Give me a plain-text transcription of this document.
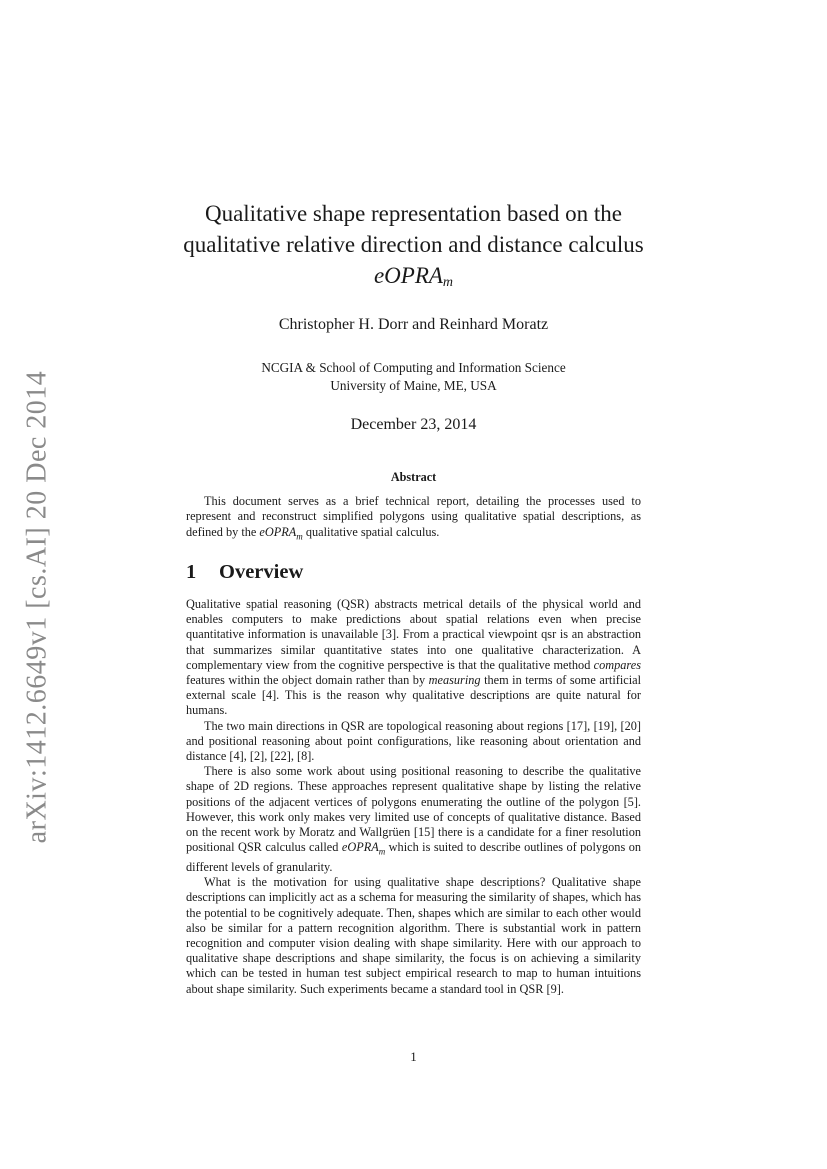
arXiv:1412.6649v1 [cs.AI] 20 Dec 2014
Qualitative shape representation based on the
qualitative relative direction and distance calculus
eOPRA$_m$
Christopher H. Dorr and Reinhard Moratz
NCGIA & School of Computing and Information Science
University of Maine, ME, USA
December 23, 2014
Abstract

This document serves as a brief technical report, detailing the processes used to represent and reconstruct simplified polygons using qualitative spatial descriptions, as defined by the eOPRA$_m$ qualitative spatial calculus.

1 Overview

Qualitative spatial reasoning (QSR) abstracts metrical details of the physical world and enables computers to make predictions about spatial relations even when precise quantitative information is unavailable [3]. From a practical viewpoint qsr is an abstraction that summarizes similar quantitative states into one qualitative characterization. A complementary view from the cognitive perspective is that the qualitative method compares features within the object domain rather than by measuring them in terms of some artificial external scale [4]. This is the reason why qualitative descriptions are quite natural for humans.

The two main directions in QSR are topological reasoning about regions [17], [19], [20] and positional reasoning about point configurations, like reasoning about orientation and distance [4], [2], [22], [8].

There is also some work about using positional reasoning to describe the qualitative shape of 2D regions. These approaches represent qualitative shape by listing the relative positions of the adjacent vertices of polygons enumerating the outline of the polygon [5]. However, this work only makes very limited use of concepts of qualitative distance. Based on the recent work by Moratz and Wallgrüen [15] there is a candidate for a finer resolution positional QSR calculus called eOPRA$_m$ which is suited to describe outlines of polygons on different levels of granularity.

What is the motivation for using qualitative shape descriptions? Qualitative shape descriptions can implicitly act as a schema for measuring the similarity of shapes, which has the potential to be cognitively adequate. Then, shapes which are similar to each other would also be similar for a pattern recognition algorithm. There is substantial work in pattern recognition and computer vision dealing with shape similarity. Here with our approach to qualitative shape descriptions and shape similarity, the focus is on achieving a similarity which can be tested in human test subject empirical research to map to human intuitions about shape similarity. Such experiments became a standard tool in QSR [9].

1
